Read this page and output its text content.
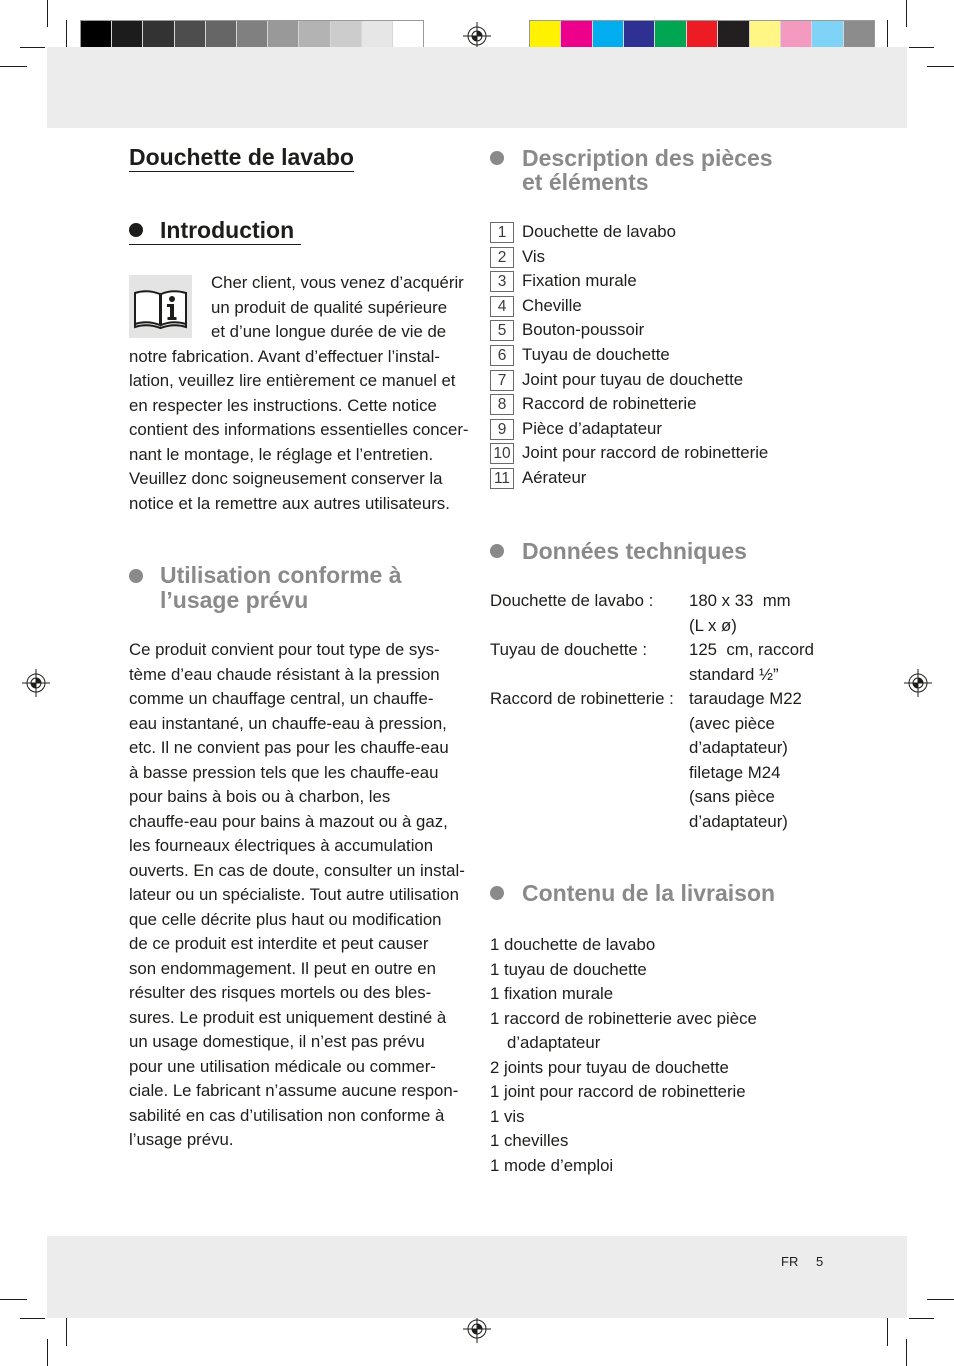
Douchette de lavabo
Introduction
Cher client, vous venez d’acquérir
un produit de qualité supérieure
et d’une longue durée de vie de
notre fabrication. Avant d’effectuer l’instal-
lation, veuillez lire entièrement ce manuel et
en respecter les instructions. Cette notice
contient des informations essentielles concer-
nant le montage, le réglage et l’entretien.
Veuillez donc soigneusement conserver la
notice et la remettre aux autres utilisateurs.
Utilisation conforme à
l’usage prévu
Ce produit convient pour tout type de sys-
tème d’eau chaude résistant à la pression
comme un chauffage central, un chauffe-
eau instantané, un chauffe-eau à pression,
etc. Il ne convient pas pour les chauffe-eau
à basse pression tels que les chauffe-eau
pour bains à bois ou à charbon, les
chauffe-eau pour bains à mazout ou à gaz,
les fourneaux électriques à accumulation
ouverts. En cas de doute, consulter un instal-
lateur ou un spécialiste. Tout autre utilisation
que celle décrite plus haut ou modification
de ce produit est interdite et peut causer
son endommagement. Il peut en outre en
résulter des risques mortels ou des bles-
sures. Le produit est uniquement destiné à
un usage domestique, il n’est pas prévu
pour une utilisation médicale ou commer-
ciale. Le fabricant n’assume aucune respon-
sabilité en cas d’utilisation non conforme à
l’usage prévu.
Description des pièces
et éléments
1 Douchette de lavabo
2 Vis
3 Fixation murale
4 Cheville
5 Bouton-poussoir
6 Tuyau de douchette
7 Joint pour tuyau de douchette
8 Raccord de robinetterie
9 Pièce d’adaptateur
10 Joint pour raccord de robinetterie
11 Aérateur
Données techniques
Douchette de lavabo : 180 x 33  mm
(L x ø)
Tuyau de douchette : 125  cm, raccord
standard ½”
Raccord de robinetterie : taraudage M22
(avec pièce
d’adaptateur)
filetage M24
(sans pièce
d’adaptateur)
Contenu de la livraison
1 douchette de lavabo
1 tuyau de douchette
1 fixation murale
1 raccord de robinetterie avec pièce
d’adaptateur
2 joints pour tuyau de douchette
1 joint pour raccord de robinetterie
1 vis
1 chevilles
1 mode d’emploi
FR 5
